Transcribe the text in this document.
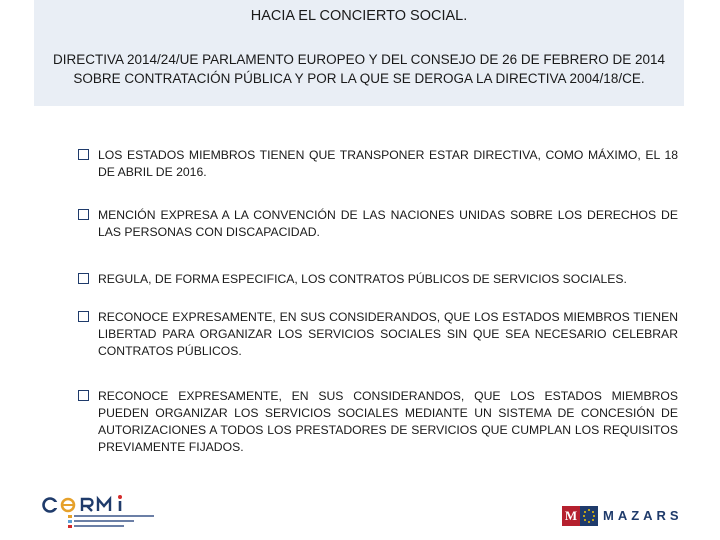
HACIA EL CONCIERTO SOCIAL.
DIRECTIVA 2014/24/UE PARLAMENTO EUROPEO Y DEL CONSEJO DE 26 DE FEBRERO DE 2014 SOBRE CONTRATACIÓN PÚBLICA Y POR LA QUE SE DEROGA LA DIRECTIVA 2004/18/CE.
LOS ESTADOS MIEMBROS TIENEN QUE TRANSPONER ESTAR DIRECTIVA, COMO MÁXIMO, EL 18 DE ABRIL DE 2016.
MENCIÓN EXPRESA A LA CONVENCIÓN DE LAS NACIONES UNIDAS SOBRE LOS DERECHOS DE LAS PERSONAS CON DISCAPACIDAD.
REGULA, DE FORMA ESPECIFICA, LOS CONTRATOS PÚBLICOS DE SERVICIOS SOCIALES.
RECONOCE EXPRESAMENTE, EN SUS CONSIDERANDOS, QUE LOS ESTADOS MIEMBROS TIENEN LIBERTAD PARA ORGANIZAR LOS SERVICIOS SOCIALES SIN QUE SEA NECESARIO CELEBRAR CONTRATOS PÚBLICOS.
RECONOCE EXPRESAMENTE, EN SUS CONSIDERANDOS, QUE LOS ESTADOS MIEMBROS PUEDEN ORGANIZAR LOS SERVICIOS SOCIALES MEDIANTE UN SISTEMA DE CONCESIÓN DE AUTORIZACIONES A TODOS LOS PRESTADORES DE SERVICIOS QUE CUMPLAN LOS REQUISITOS PREVIAMENTE FIJADOS.
M MAZARS
